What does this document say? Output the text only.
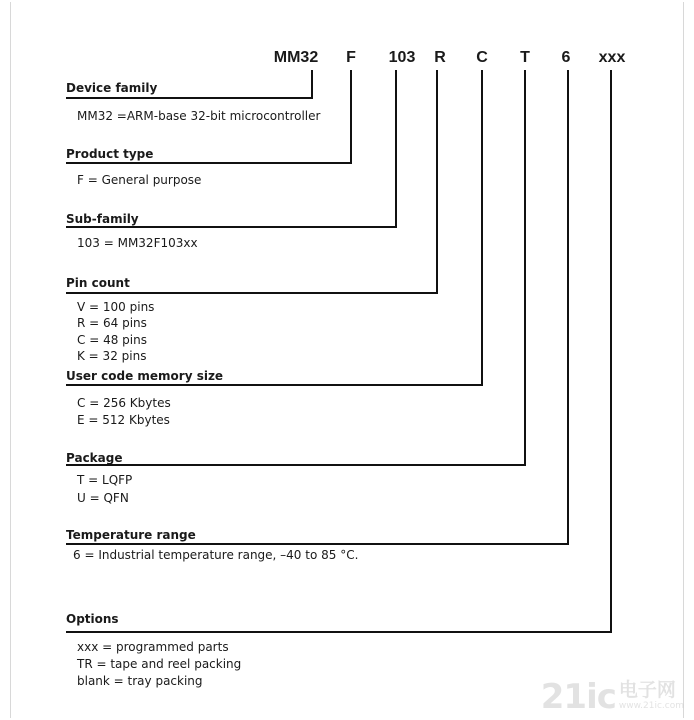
MM32 F 103 R C T 6 xxx
Device family
MM32 =ARM-base 32-bit microcontroller
Product type
F = General purpose
Sub-family
103 = MM32F103xx
Pin count
V = 100 pins
R = 64 pins
C = 48 pins
K = 32 pins
User code memory size
C = 256 Kbytes
E = 512 Kbytes
Package
T = LQFP
U = QFN
Temperature range
6 = Industrial temperature range, –40 to 85 °C.
Options
xxx = programmed parts
TR = tape and reel packing
blank = tray packing	21ic 电子网
www.21ic.com
